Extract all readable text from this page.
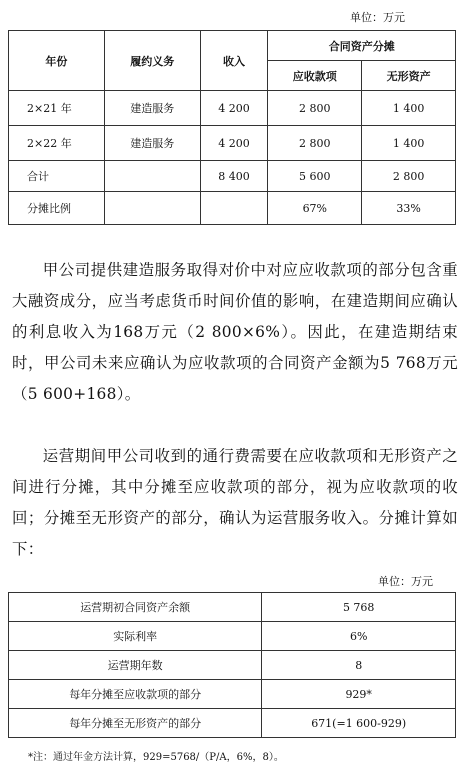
单位：万元
年份	履约义务	收入	合同资产分摊	
			应收款项	无形资产
2×21 年	建造服务	4 200	2 800	1 400
2×22 年	建造服务	4 200	2 800	1 400
合计		8 400	5 600	2 800
分摊比例			67%	33%

甲公司提供建造服务取得对价中对应应收款项的部分包含重大融资成分，应当考虑货币时间价值的影响，在建造期间应确认的利息收入为168万元（2 800×6%）。因此，在建造期结束时，甲公司未来应确认为应收款项的合同资产金额为5 768万元（5 600+168）。

运营期间甲公司收到的通行费需要在应收款项和无形资产之间进行分摊，其中分摊至应收款项的部分，视为应收款项的收回；分摊至无形资产的部分，确认为运营服务收入。分摊计算如下：

单位：万元
运营期初合同资产余额	5 768
实际利率	6%
运营期年数	8
每年分摊至应收款项的部分	929*
每年分摊至无形资产的部分	671(=1 600-929)
*注：通过年金方法计算，929=5768/（P/A，6%，8）。
